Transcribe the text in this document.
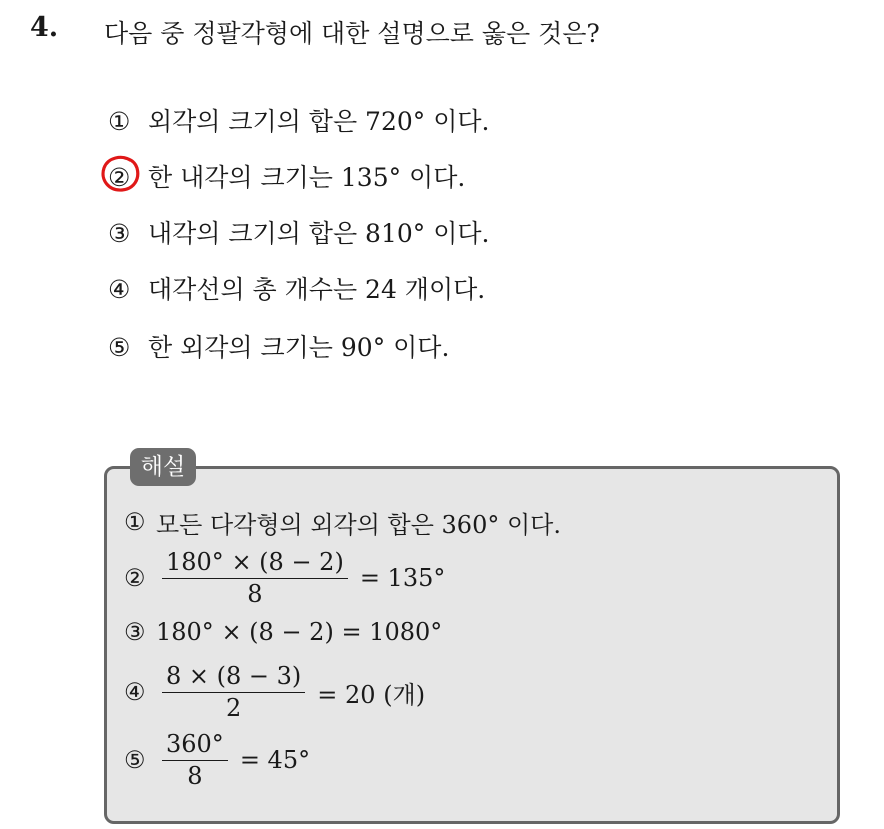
4. 다음 중 정팔각형에 대한 설명으로 옳은 것은?
① 외각의 크기의 합은 720° 이다.
② 한 내각의 크기는 135° 이다.
③ 내각의 크기의 합은 810° 이다.
④ 대각선의 총 개수는 24 개이다.
⑤ 한 외각의 크기는 90° 이다.
해설
① 모든 다각형의 외각의 합은 360° 이다.
② $\frac{180^\circ \times (8 - 2)}{8} = 135^\circ$
③ 180° × (8 − 2) = 1080°
④ $\frac{8 \times (8 - 3)}{2} = 20$ (개)
⑤ $\frac{360^\circ}{8} = 45^\circ$
